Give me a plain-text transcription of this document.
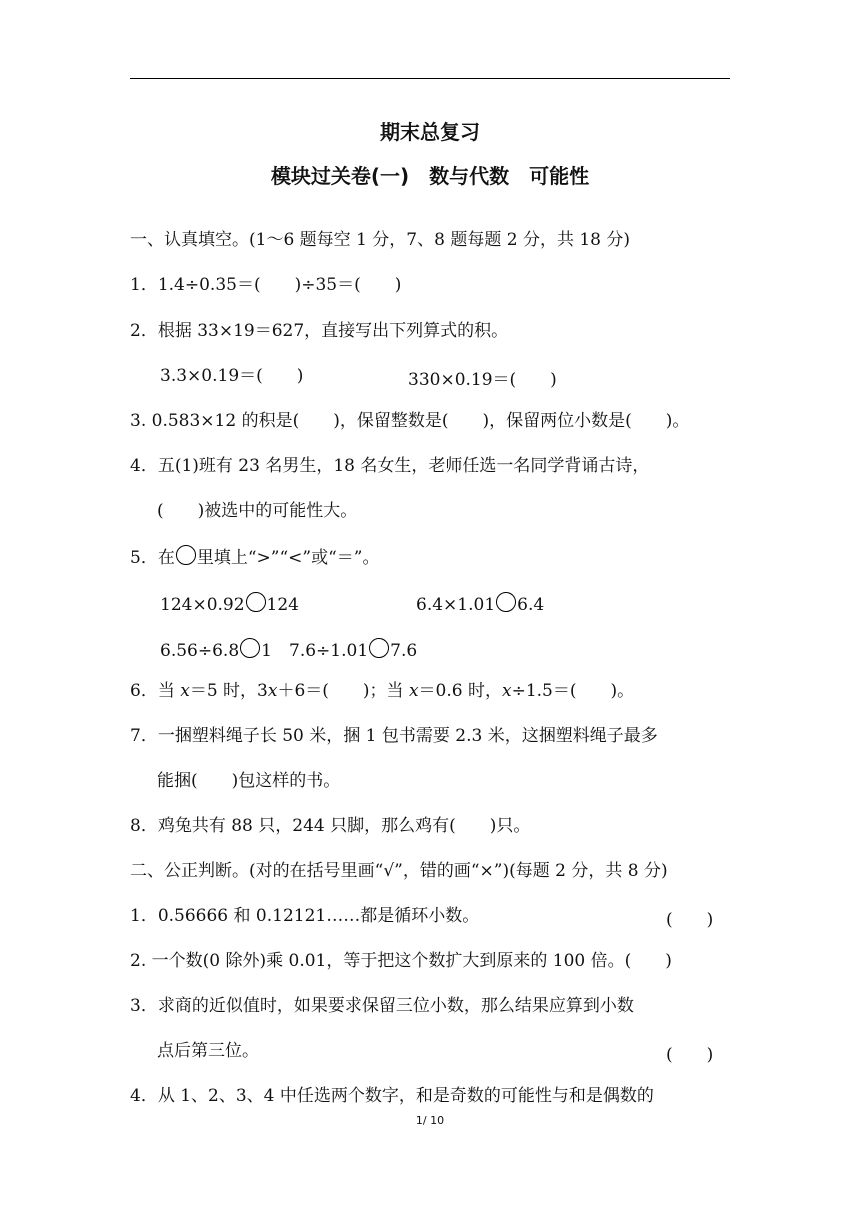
期末总复习
模块过关卷(一)　数与代数　可能性
一、认真填空。(1～6 题每空 1 分，7、8 题每题 2 分，共 18 分)
1．1.4÷0.35＝(　　)÷35＝(　　)
2．根据 33×19＝627，直接写出下列算式的积。
3.3×0.19＝(　　)	330×0.19＝(　　)
3. 0.583×12 的积是(　　)，保留整数是(　　)，保留两位小数是(　　)。
4．五(1)班有 23 名男生，18 名女生，老师任选一名同学背诵古诗，
(　　)被选中的可能性大。
5．在 里填上“>”“<”或“＝”。
124×0.92 124	6.4×1.01 6.4
6.56÷6.8 1 7.6÷1.01 7.6
6．当 x＝5 时，3x＋6＝(　　)；当 x＝0.6 时，x÷1.5＝(　　)。
7．一捆塑料绳子长 50 米，捆 1 包书需要 2.3 米，这捆塑料绳子最多
能捆(　　)包这样的书。
8．鸡兔共有 88 只，244 只脚，那么鸡有(　　)只。
二、公正判断。(对的在括号里画“√”，错的画“×”)(每题 2 分，共 8 分)
1．0.56666 和 0.12121……都是循环小数。	(　　)
2. 一个数(0 除外)乘 0.01，等于把这个数扩大到原来的 100 倍。(　　)
3．求商的近似值时，如果要求保留三位小数，那么结果应算到小数
点后第三位。	(　　)
4．从 1、2、3、4 中任选两个数字，和是奇数的可能性与和是偶数的
1/ 10
